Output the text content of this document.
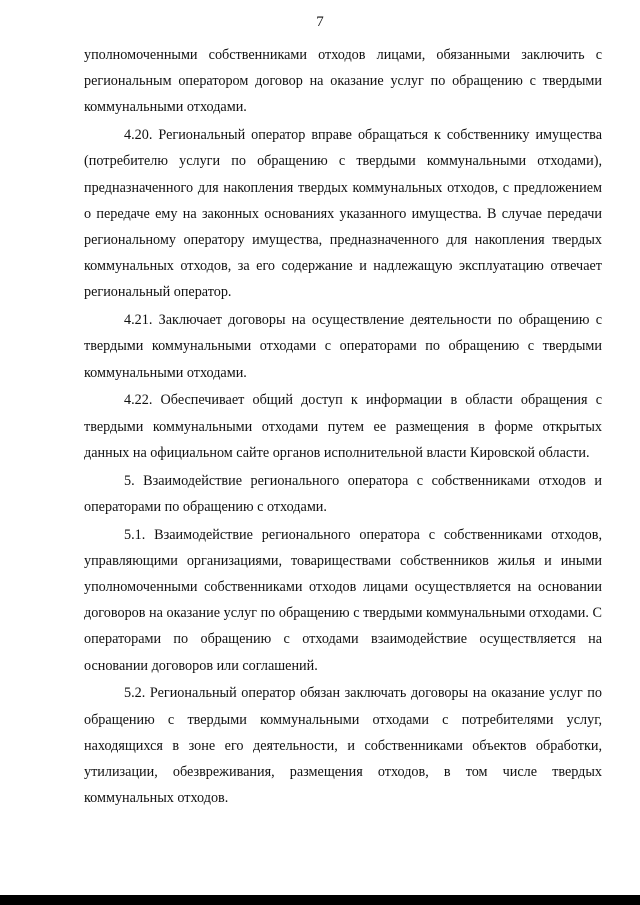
7

уполномоченными собственниками отходов лицами, обязанными заключить с региональным оператором договор на оказание услуг по обращению с твердыми коммунальными отходами.

4.20. Региональный оператор вправе обращаться к собственнику имущества (потребителю услуги по обращению с твердыми коммунальными отходами), предназначенного для накопления твердых коммунальных отходов, с предложением о передаче ему на законных основаниях указанного имущества. В случае передачи региональному оператору имущества, предназначенного для накопления твердых коммунальных отходов, за его содержание и надлежащую эксплуатацию отвечает региональный оператор.

4.21. Заключает договоры на осуществление деятельности по обращению с твердыми коммунальными отходами с операторами по обращению с твердыми коммунальными отходами.

4.22. Обеспечивает общий доступ к информации в области обращения с твердыми коммунальными отходами путем ее размещения в форме открытых данных на официальном сайте органов исполнительной власти Кировской области.

5. Взаимодействие регионального оператора с собственниками отходов и операторами по обращению с отходами.

5.1. Взаимодействие регионального оператора с собственниками отходов, управляющими организациями, товариществами собственников жилья и иными уполномоченными собственниками отходов лицами осуществляется на основании договоров на оказание услуг по обращению с твердыми коммунальными отходами. С операторами по обращению с отходами взаимодействие осуществляется на основании договоров или соглашений.

5.2. Региональный оператор обязан заключать договоры на оказание услуг по обращению с твердыми коммунальными отходами с потребителями услуг, находящихся в зоне его деятельности, и собственниками объектов обработки, утилизации, обезвреживания, размещения отходов, в том числе твердых коммунальных отходов.
